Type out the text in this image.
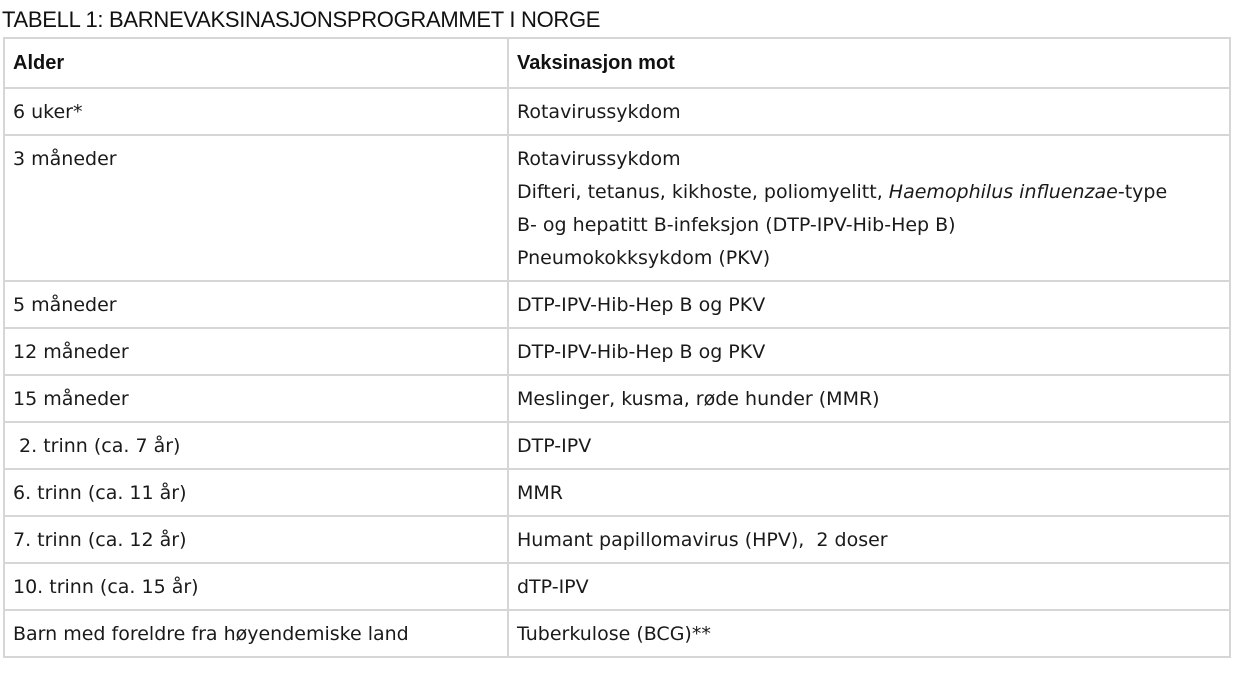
TABELL 1: BARNEVAKSINASJONSPROGRAMMET I NORGE
Alder	Vaksinasjon mot
6 uker*	Rotavirussykdom
3 måneder	Rotavirussykdom
Difteri, tetanus, kikhoste, poliomyelitt, Haemophilus influenzae-type
B- og hepatitt B-infeksjon (DTP-IPV-Hib-Hep B)
Pneumokokksykdom (PKV)

5 måneder	DTP-IPV-Hib-Hep B og PKV
12 måneder	DTP-IPV-Hib-Hep B og PKV
15 måneder	Meslinger, kusma, røde hunder (MMR)
2. trinn (ca. 7 år)	DTP-IPV
6. trinn (ca. 11 år)	MMR
7. trinn (ca. 12 år)	Humant papillomavirus (HPV),  2 doser
10. trinn (ca. 15 år)	dTP-IPV
Barn med foreldre fra høyendemiske land	Tuberkulose (BCG)**
